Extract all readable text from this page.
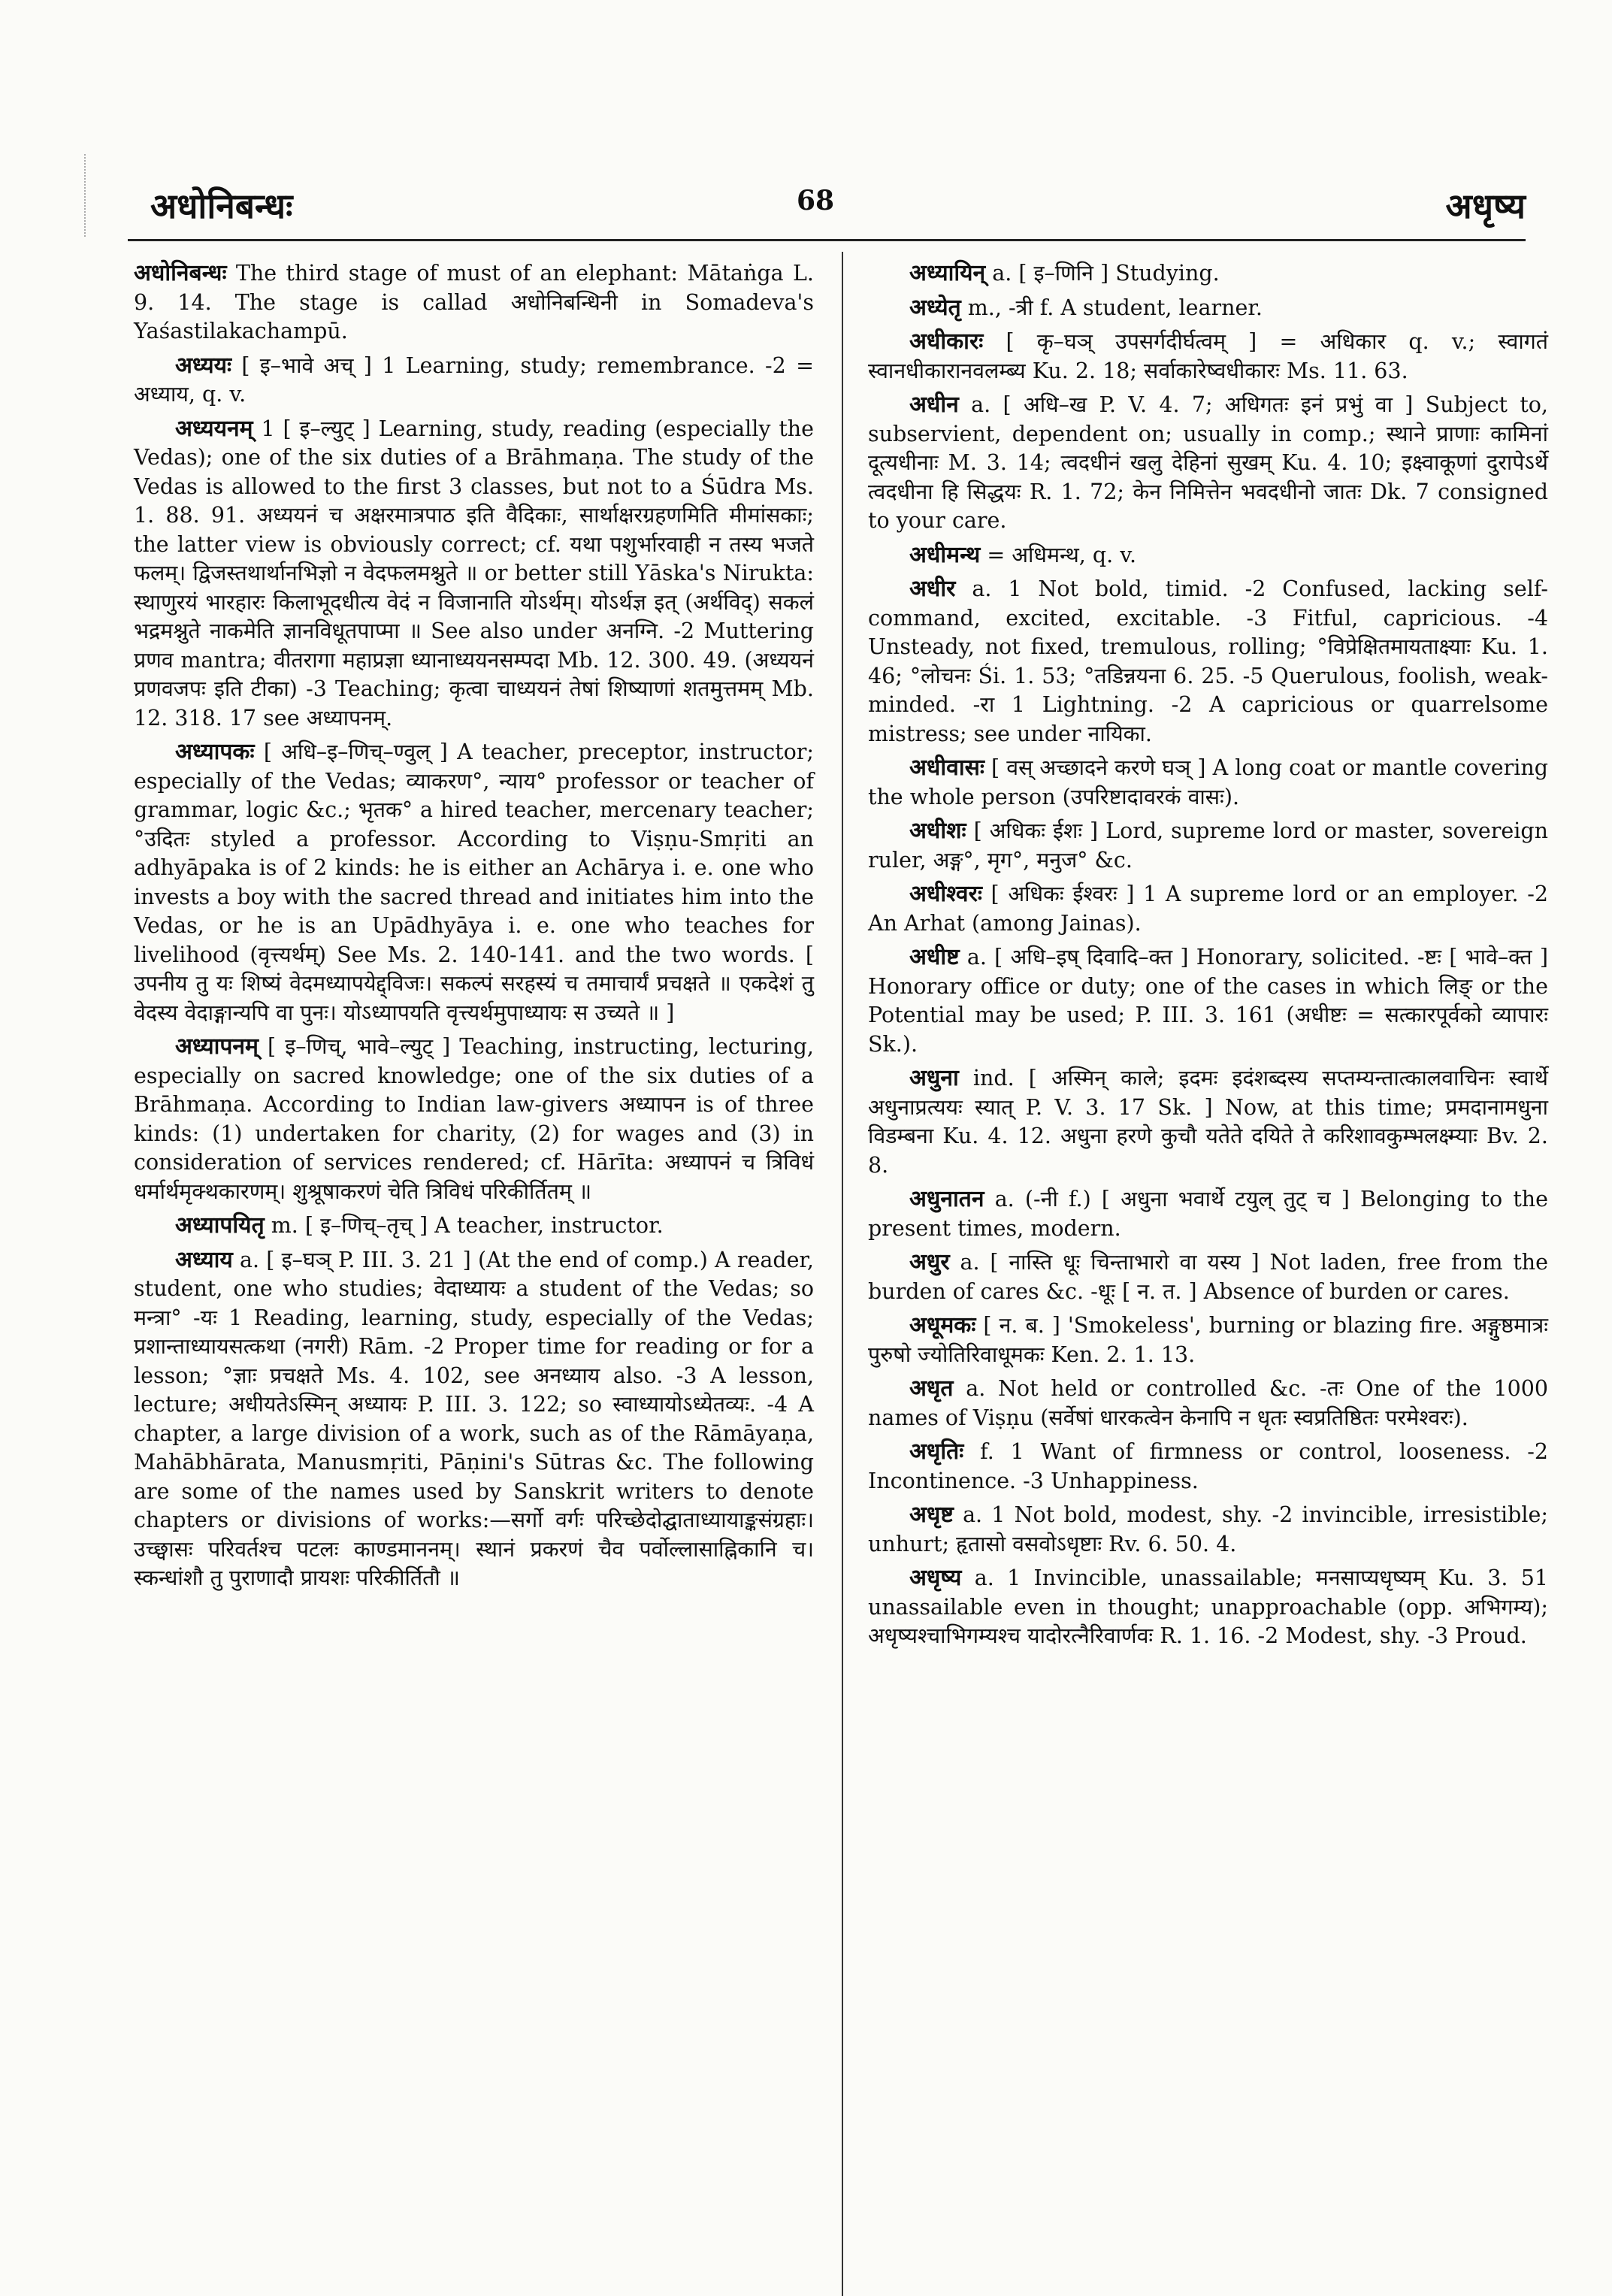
अधोनिबन्धः	68	अधृष्य

अधोनिबन्धः The third stage of must of an elephant: Mātaṅga L. 9. 14. The stage is callad अधोनिबन्धिनी in Somadeva's Yaśastilakachampū.

अध्ययः [ इ–भावे अच् ] 1 Learning, study; remembrance. -2 = अध्याय, q. v.

अध्ययनम् 1 [ इ–ल्युट् ] Learning, study, reading (especially the Vedas); one of the six duties of a Brāhmaṇa. The study of the Vedas is allowed to the first 3 classes, but not to a Śūdra Ms. 1. 88. 91. अध्ययनं च अक्षरमात्रपाठ इति वैदिकाः, सार्थाक्षरग्रहणमिति मीमांसकाः; the latter view is obviously correct; cf. यथा पशुर्भारवाही न तस्य भजते फलम्। द्विजस्तथार्थानभिज्ञो न वेदफलमश्नुते ॥ or better still Yāska's Nirukta: स्थाणुरयं भारहारः किलाभूदधीत्य वेदं न विजानाति योऽर्थम्। योऽर्थज्ञ इत् (अर्थविद्) सकलं भद्रमश्नुते नाकमेति ज्ञानविधूतपाप्मा ॥ See also under अनग्नि. -2 Muttering प्रणव mantra; वीतरागा महाप्रज्ञा ध्यानाध्ययनसम्पदा Mb. 12. 300. 49. (अध्ययनं प्रणवजपः इति टीका) -3 Teaching; कृत्वा चाध्ययनं तेषां शिष्याणां शतमुत्तमम् Mb. 12. 318. 17 see अध्यापनम्.

अध्यापकः [ अधि–इ–णिच्–ण्वुल् ] A teacher, preceptor, instructor; especially of the Vedas; व्याकरण°, न्याय° professor or teacher of grammar, logic &c.; भृतक° a hired teacher, mercenary teacher; °उदितः styled a professor. According to Viṣṇu-Smṛiti an adhyāpaka is of 2 kinds: he is either an Achārya i. e. one who invests a boy with the sacred thread and initiates him into the Vedas, or he is an Upādhyāya i. e. one who teaches for livelihood (वृत्त्यर्थम्) See Ms. 2. 140-141. and the two words. [ उपनीय तु यः शिष्यं वेदमध्यापयेद्द्विजः। सकल्पं सरहस्यं च तमाचार्यं प्रचक्षते ॥ एकदेशं तु वेदस्य वेदाङ्गान्यपि वा पुनः। योऽध्यापयति वृत्त्यर्थमुपाध्यायः स उच्यते ॥ ]

अध्यापनम् [ इ–णिच्, भावे–ल्युट् ] Teaching, instructing, lecturing, especially on sacred knowledge; one of the six duties of a Brāhmaṇa. According to Indian law-givers अध्यापन is of three kinds: (1) undertaken for charity, (2) for wages and (3) in consideration of services rendered; cf. Hārīta: अध्यापनं च त्रिविधं धर्मार्थमृक्थकारणम्। शुश्रूषाकरणं चेति त्रिविधं परिकीर्तितम् ॥

अध्यापयितृ m. [ इ–णिच्–तृच् ] A teacher, instructor.

अध्याय a. [ इ–घञ् P. III. 3. 21 ] (At the end of comp.) A reader, student, one who studies; वेदाध्यायः a student of the Vedas; so मन्त्रा° -यः 1 Reading, learning, study, especially of the Vedas; प्रशान्ताध्यायसत्कथा (नगरी) Rām. -2 Proper time for reading or for a lesson; °ज्ञाः प्रचक्षते Ms. 4. 102, see अनध्याय also. -3 A lesson, lecture; अधीयतेऽस्मिन् अध्यायः P. III. 3. 122; so स्वाध्यायोऽध्येतव्यः. -4 A chapter, a large division of a work, such as of the Rāmāyaṇa, Mahābhārata, Manusmṛiti, Pāṇini's Sūtras &c. The following are some of the names used by Sanskrit writers to denote chapters or divisions of works:—सर्गो वर्गः परिच्छेदोद्घाताध्यायाङ्कसंग्रहाः। उच्छ्वासः परिवर्तश्च पटलः काण्डमाननम्। स्थानं प्रकरणं चैव पर्वोल्लासाह्निकानि च। स्कन्धांशौ तु पुराणादौ प्रायशः परिकीर्तितौ ॥

अध्यायिन् a. [ इ–णिनि ] Studying.

अध्येतृ m., -त्री f. A student, learner.

अधीकारः [ कृ–घञ् उपसर्गदीर्घत्वम् ] = अधिकार q. v.; स्वागतं स्वानधीकारानवलम्ब्य Ku. 2. 18; सर्वाकारेष्वधीकारः Ms. 11. 63.

अधीन a. [ अधि–ख P. V. 4. 7; अधिगतः इनं प्रभुं वा ] Subject to, subservient, dependent on; usually in comp.; स्थाने प्राणाः कामिनां दूत्यधीनाः M. 3. 14; त्वदधीनं खलु देहिनां सुखम् Ku. 4. 10; इक्ष्वाकूणां दुरापेऽर्थे त्वदधीना हि सिद्धयः R. 1. 72; केन निमित्तेन भवदधीनो जातः Dk. 7 consigned to your care.

अधीमन्थ = अधिमन्थ, q. v.

अधीर a. 1 Not bold, timid. -2 Confused, lacking self-command, excited, excitable. -3 Fitful, capricious. -4 Unsteady, not fixed, tremulous, rolling; °विप्रेक्षितमायताक्ष्याः Ku. 1. 46; °लोचनः Śi. 1. 53; °तडिन्नयना 6. 25. -5 Querulous, foolish, weak-minded. -रा 1 Lightning. -2 A capricious or quarrelsome mistress; see under नायिका.

अधीवासः [ वस् अच्छादने करणे घञ् ] A long coat or mantle covering the whole person (उपरिष्टादावरकं वासः).

अधीशः [ अधिकः ईशः ] Lord, supreme lord or master, sovereign ruler, अङ्ग°, मृग°, मनुज° &c.

अधीश्वरः [ अधिकः ईश्वरः ] 1 A supreme lord or an employer. -2 An Arhat (among Jainas).

अधीष्ट a. [ अधि–इष् दिवादि–क्त ] Honorary, solicited. -ष्टः [ भावे–क्त ] Honorary office or duty; one of the cases in which लिङ् or the Potential may be used; P. III. 3. 161 (अधीष्टः = सत्कारपूर्वको व्यापारः Sk.).

अधुना ind. [ अस्मिन् काले; इदमः इदंशब्दस्य सप्तम्यन्तात्कालवाचिनः स्वार्थे अधुनाप्रत्ययः स्यात् P. V. 3. 17 Sk. ] Now, at this time; प्रमदानामधुना विडम्बना Ku. 4. 12. अधुना हरणे कुचौ यतेते दयिते ते करिशावकुम्भलक्ष्म्याः Bv. 2. 8.

अधुनातन a. (-नी f.) [ अधुना भवार्थे टयुल् तुट् च ] Belonging to the present times, modern.

अधुर a. [ नास्ति धूः चिन्ताभारो वा यस्य ] Not laden, free from the burden of cares &c. -धूः [ न. त. ] Absence of burden or cares.

अधूमकः [ न. ब. ] 'Smokeless', burning or blazing fire. अङ्गुष्ठमात्रः पुरुषो ज्योतिरिवाधूमकः Ken. 2. 1. 13.

अधृत a. Not held or controlled &c. -तः One of the 1000 names of Viṣṇu (सर्वेषां धारकत्वेन केनापि न धृतः स्वप्रतिष्ठितः परमेश्वरः).

अधृतिः f. 1 Want of firmness or control, looseness. -2 Incontinence. -3 Unhappiness.

अधृष्ट a. 1 Not bold, modest, shy. -2 invincible, irresistible; unhurt; हृतासो वसवोऽधृष्टाः Rv. 6. 50. 4.

अधृष्य a. 1 Invincible, unassailable; मनसाप्यधृष्यम् Ku. 3. 51 unassailable even in thought; unapproachable (opp. अभिगम्य); अधृष्यश्चाभिगम्यश्च यादोरत्नैरिवार्णवः R. 1. 16. -2 Modest, shy. -3 Proud.
